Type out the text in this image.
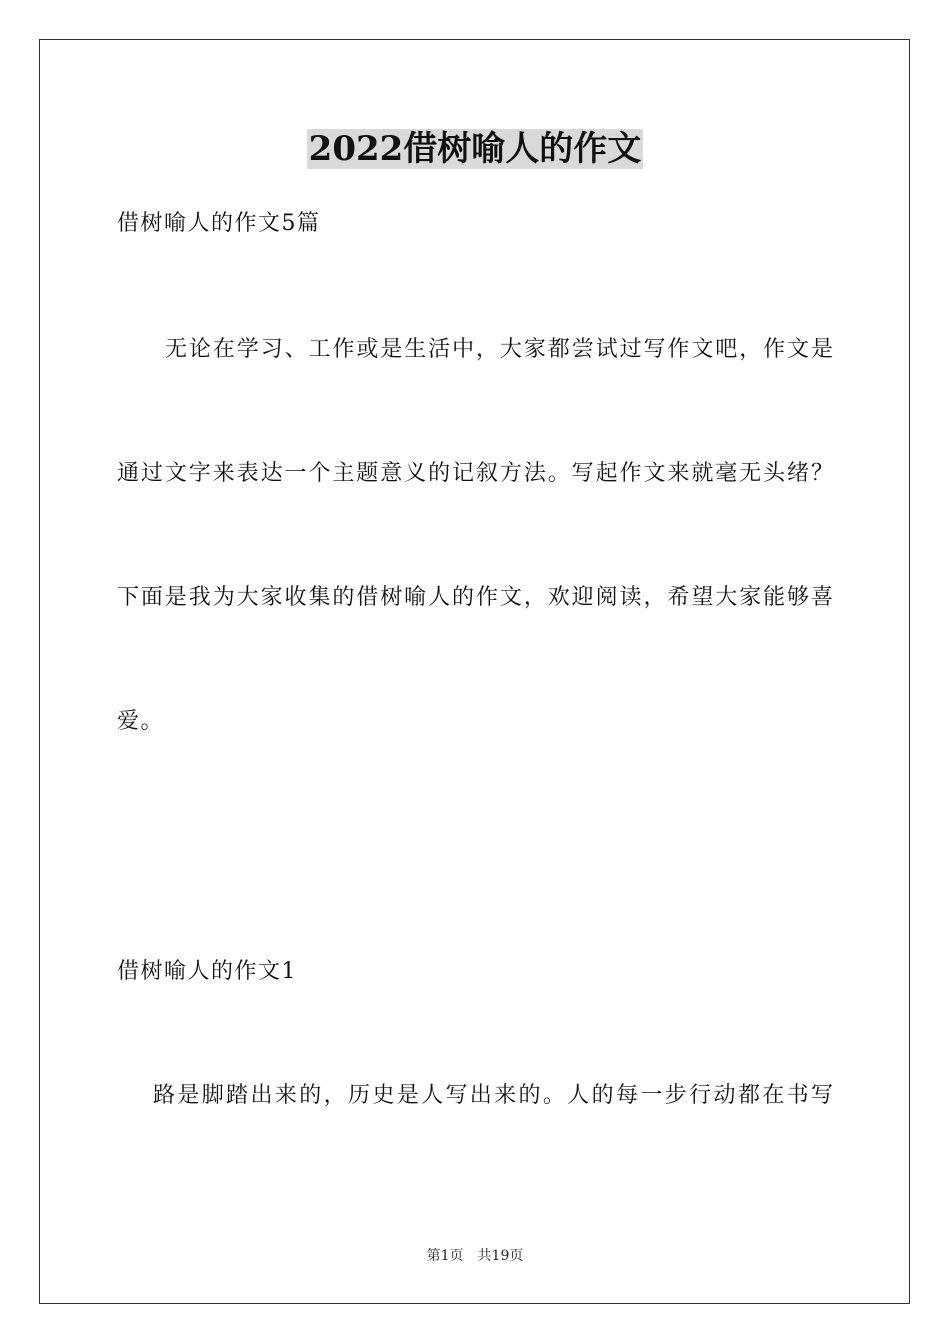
2022借树喻人的作文
借树喻人的作文5篇
无论在学习、工作或是生活中，大家都尝试过写作文吧，作文是
通过文字来表达一个主题意义的记叙方法。写起作文来就毫无头绪？
下面是我为大家收集的借树喻人的作文，欢迎阅读，希望大家能够喜
爱。
借树喻人的作文1
路是脚踏出来的，历史是人写出来的。人的每一步行动都在书写
第1页 共19页
